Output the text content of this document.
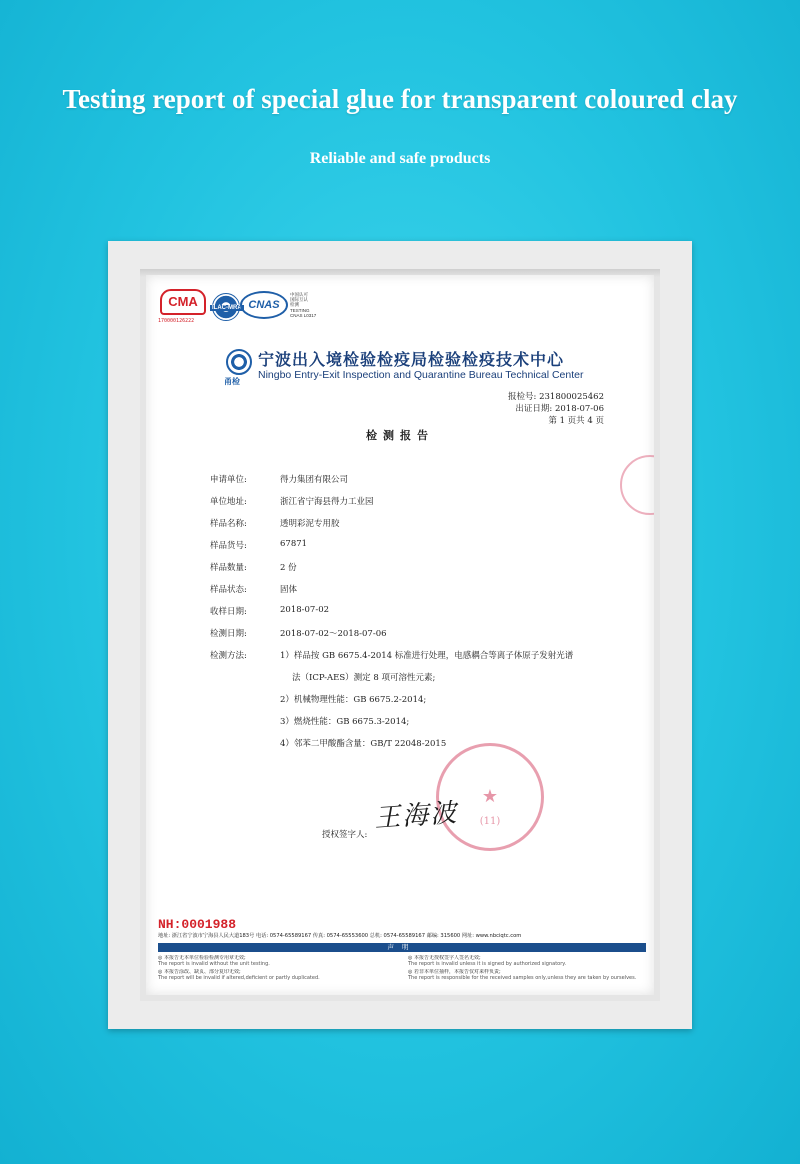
Testing report of special glue for transparent coloured clay
Reliable and safe products
CMA
170000126222
ILAC-MRA CNAS
中国认可
国际互认
检测
TESTING
CNAS L0317
甬检
宁波出入境检验检疫局检验检疫技术中心
Ningbo Entry-Exit Inspection and Quarantine Bureau Technical Center
报检号: 231800025462
出证日期: 2018-07-06
第 1 页共 4 页
检测报告
申请单位:	得力集团有限公司
单位地址:	浙江省宁海县得力工业园
样品名称:	透明彩泥专用胶
样品货号:	67871
样品数量:	2 份
样品状态:	固体
收样日期:	2018-07-02
检测日期:	2018-07-02～2018-07-06
检测方法:	1）样品按 GB 6675.4-2014 标准进行处理，电感耦合等离子体原子发射光谱
法（ICP-AES）测定 8 项可溶性元素;
2）机械物理性能：GB 6675.2-2014;
3）燃烧性能：GB 6675.3-2014;
4）邻苯二甲酸酯含量：GB/T 22048-2015
★
(11)
王海波
授权签字人:
NH:0001988
地址: 浙江省宁波市宁海县人民大道183号 电话: 0574-65589167 传真: 0574-65553600 总机: 0574-65589167 邮编: 315600 网址: www.nbciqtc.com
声明
◎ 本报告无本单位检验检测专用章无效;
The report is invalid without the unit testing.
◎ 本报告无授权签字人签名无效;
The report is invalid unless it is signed by authorized signatory.
◎ 本报告涂改、缺页、部分复印无效;
The report will be invalid if altered,deficient or partly duplicated.
◎ 若非本单位抽样，本报告仅对来样负责;
The report is responsible for the received samples only,unless they are taken by ourselves.
